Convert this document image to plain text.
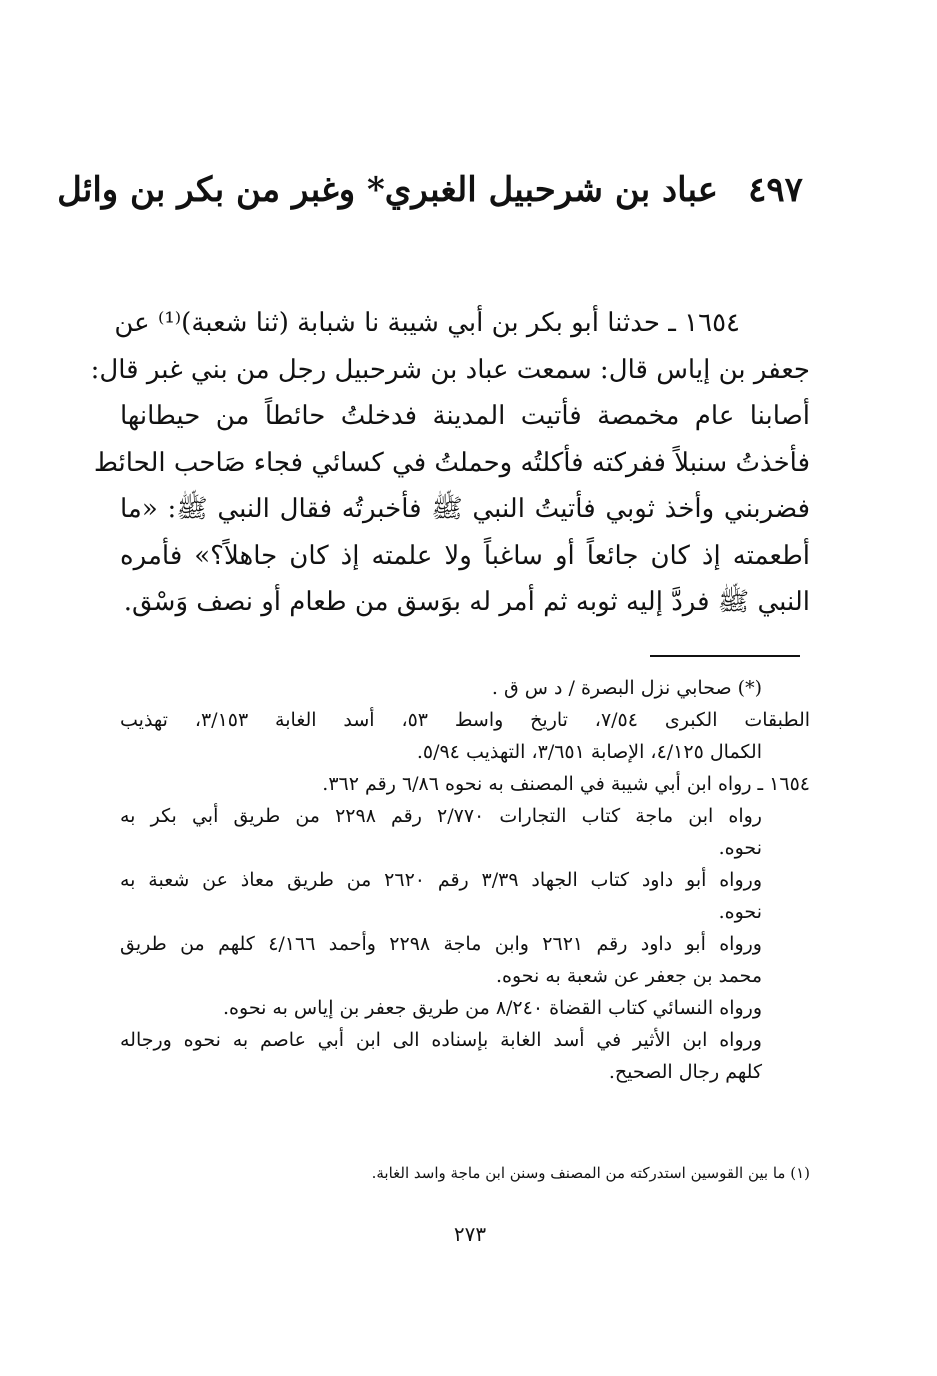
٤٩٧
عباد بن شرحبيل الغبري* وغبر من بكر بن وائل
١٦٥٤ ـ حدثنا أبو بكر بن أبي شيبة نا شبابة (ثنا شعبة)⁽¹⁾ عن
جعفر بن إياس قال: سمعت عباد بن شرحبيل رجل من بني غبر قال:
أصابنا عام مخمصة فأتيت المدينة فدخلتُ حائطاً من حيطانها
فأخذتُ سنبلاً ففركته فأكلتُه وحملتُ في كسائي فجاء صَاحب الحائط
فضربني وأخذ ثوبي فأتيتُ النبي ﷺ فأخبرتُه فقال النبي ﷺ: «ما
أطعمته إذ كان جائعاً أو ساغباً ولا علمته إذ كان جاهلاً؟» فأمره
النبي ﷺ فردَّ إليه ثوبه ثم أمر له بوَسق من طعام أو نصف وَسْق.
(*) صحابي نزل البصرة / د س ق .
الطبقات الكبرى ٧/٥٤، تاريخ واسط ٥٣، أسد الغابة ٣/١٥٣، تهذيب
الكمال ٤/١٢٥، الإصابة ٣/٦٥١، التهذيب ٥/٩٤.
١٦٥٤ ـ رواه ابن أبي شيبة في المصنف به نحوه ٦/٨٦ رقم ٣٦٢.
رواه ابن ماجة كتاب التجارات ٢/٧٧٠ رقم ٢٢٩٨ من طريق أبي بكر به
نحوه.
ورواه أبو داود كتاب الجهاد ٣/٣٩ رقم ٢٦٢٠ من طريق معاذ عن شعبة به
نحوه.
ورواه أبو داود رقم ٢٦٢١ وابن ماجة ٢٢٩٨ وأحمد ٤/١٦٦ كلهم من طريق
محمد بن جعفر عن شعبة به نحوه.
ورواه النسائي كتاب القضاة ٨/٢٤٠ من طريق جعفر بن إياس به نحوه.
ورواه ابن الأثير في أسد الغابة بإسناده الى ابن أبي عاصم به نحوه ورجاله
كلهم رجال الصحيح.
(١) ما بين القوسين استدركته من المصنف وسنن ابن ماجة واسد الغابة.
٢٧٣
